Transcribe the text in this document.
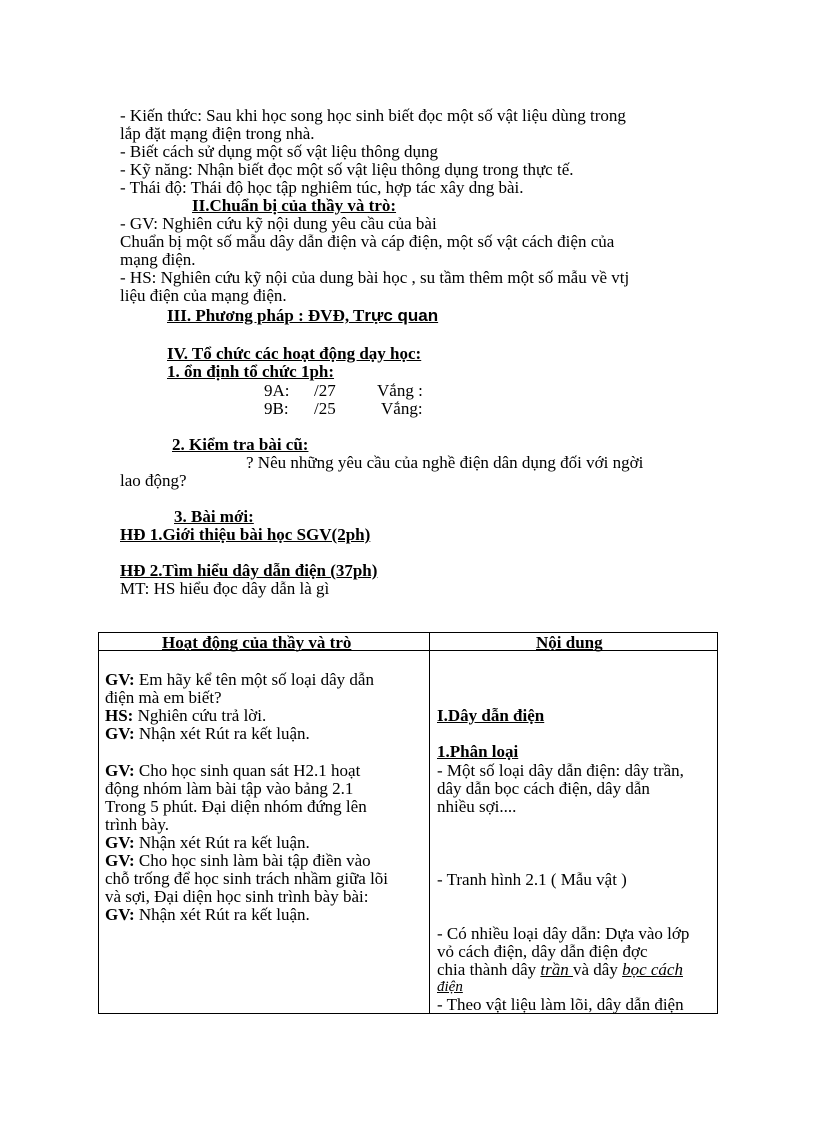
- Kiến thức: Sau khi học song học sinh biết đọc một số vật liệu dùng trong
lắp đặt mạng điện trong nhà.
- Biết cách sử dụng một số vật liệu thông dụng
- Kỹ năng: Nhận biết đọc một số vật liệu thông dụng trong thực tế.
- Thái độ: Thái độ học tập nghiêm túc, hợp tác xây dng bài.
II.Chuẩn bị của thầy và trò:
- GV: Nghiên cứu kỹ nội dung yêu cầu của bài
Chuẩn bị một số mẫu dây dẫn điện và cáp điện, một số vật cách điện của
mạng điện.
- HS: Nghiên cứu kỹ nội của dung bài học , su tầm thêm một số mẫu về vtj
liệu điện của mạng điện.
III. Phương pháp : ĐVĐ, Trực quan
IV. Tổ chức các hoạt động dạy học:
1. ổn định tổ chức 1ph:
9A: /27 Vắng :
9B: /25	Vắng:
2. Kiểm tra bài cũ:
? Nêu những yêu cầu của nghề điện dân dụng đối với ngời
lao động?
3. Bài mới:
HĐ 1.Giới thiệu bài học SGV(2ph)
HĐ 2.Tìm hiểu dây dẫn điện (37ph)
MT: HS hiểu đọc dây dẫn là gì
Hoạt động của thầy và trò	Nội dung
GV: Em hãy kể tên một số loại dây dẫn
điện mà em biết?
HS: Nghiên cứu trả lời.
GV: Nhận xét Rút ra kết luận.
GV: Cho học sinh quan sát H2.1 hoạt
động nhóm làm bài tập vào bảng 2.1
Trong 5 phút. Đại diện nhóm đứng lên
trình bày.
GV: Nhận xét Rút ra kết luận.
GV: Cho học sinh làm bài tập điền vào
chỗ trống để học sinh trách nhầm giữa lõi
và sợi, Đại diện học sinh trình bày bài:
GV: Nhận xét Rút ra kết luận.
I.Dây dẫn điện
1.Phân loại
- Một số loại dây dẫn điện: dây trần,
dây dẫn bọc cách điện, dây dẫn
nhiều sợi....
- Tranh hình 2.1 ( Mẫu vật )
- Có nhiều loại dây dẫn: Dựa vào lớp
vỏ cách điện, dây dẫn điện đợc
chia thành dây trần và dây bọc cách
điện
- Theo vật liệu làm lõi, dây dẫn điện
